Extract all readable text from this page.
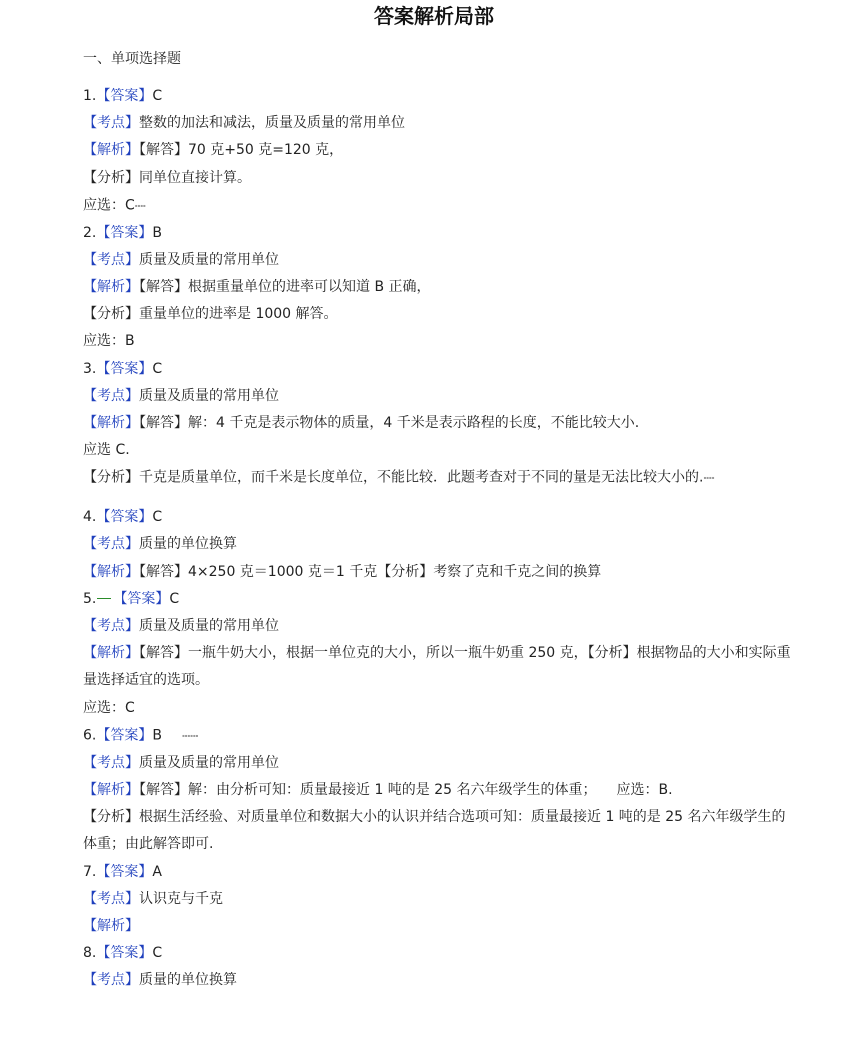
答案解析局部
一、单项选择题
1.【答案】C
【考点】整数的加法和减法，质量及质量的常用单位
【解析】【解答】70 克+50 克=120 克，
【分析】同单位直接计算。
应选：C▪▪▪▪
2.【答案】B
【考点】质量及质量的常用单位
【解析】【解答】根据重量单位的进率可以知道 B 正确，
【分析】重量单位的进率是 1000 解答。
应选：B
3.【答案】C
【考点】质量及质量的常用单位
【解析】【解答】解：4 千克是表示物体的质量，4 千米是表示路程的长度，不能比较大小.
应选 C.
【分析】千克是质量单位，而千米是长度单位，不能比较．此题考查对于不同的量是无法比较大小的.▪▪▪▪
4.【答案】C
【考点】质量的单位换算
【解析】【解答】4×250 克＝1000 克＝1 千克【分析】考察了克和千克之间的换算
5. 【答案】C
【考点】质量及质量的常用单位
【解析】【解答】一瓶牛奶大小，根据一单位克的大小，所以一瓶牛奶重 250 克，【分析】根据物品的大小和实际重量选择适宜的选项。
应选：C
6.【答案】B	▪▪▪▪▪▪
【考点】质量及质量的常用单位
【解析】【解答】解：由分析可知：质量最接近 1 吨的是 25 名六年级学生的体重； 应选：B.
【分析】根据生活经验、对质量单位和数据大小的认识并结合选项可知：质量最接近 1 吨的是 25 名六年级学生的体重；由此解答即可.
7.【答案】A
【考点】认识克与千克
【解析】
8.【答案】C
【考点】质量的单位换算
